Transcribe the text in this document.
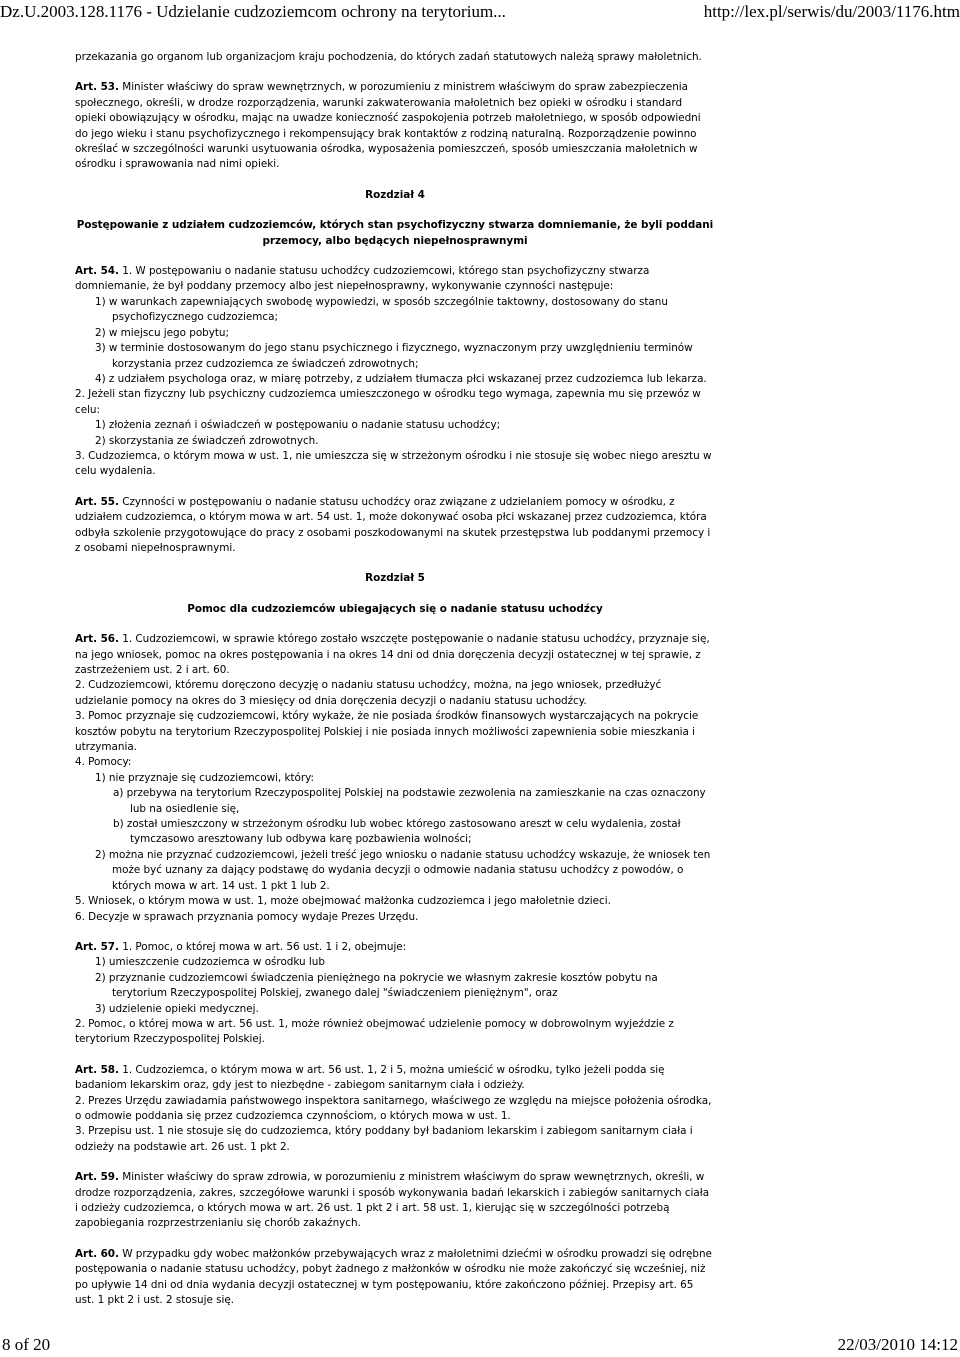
Dz.U.2003.128.1176 - Udzielanie cudzoziemcom ochrony na terytorium...	http://lex.pl/serwis/du/2003/1176.htm

przekazania go organom lub organizacjom kraju pochodzenia, do których zadań statutowych należą sprawy małoletnich.

Art. 53. Minister właściwy do spraw wewnętrznych, w porozumieniu z ministrem właściwym do spraw zabezpieczenia społecznego, określi, w drodze rozporządzenia, warunki zakwaterowania małoletnich bez opieki w ośrodku i standard opieki obowiązujący w ośrodku, mając na uwadze konieczność zaspokojenia potrzeb małoletniego, w sposób odpowiedni do jego wieku i stanu psychofizycznego i rekompensujący brak kontaktów z rodziną naturalną. Rozporządzenie powinno określać w szczególności warunki usytuowania ośrodka, wyposażenia pomieszczeń, sposób umieszczania małoletnich w ośrodku i sprawowania nad nimi opieki.

Rozdział 4

Postępowanie z udziałem cudzoziemców, których stan psychofizyczny stwarza domniemanie, że byli poddani przemocy, albo będących niepełnosprawnymi

Art. 54. 1. W postępowaniu o nadanie statusu uchodźcy cudzoziemcowi, którego stan psychofizyczny stwarza domniemanie, że był poddany przemocy albo jest niepełnosprawny, wykonywanie czynności następuje:

1) w warunkach zapewniających swobodę wypowiedzi, w sposób szczególnie taktowny, dostosowany do stanu psychofizycznego cudzoziemca;

2) w miejscu jego pobytu;

3) w terminie dostosowanym do jego stanu psychicznego i fizycznego, wyznaczonym przy uwzględnieniu terminów korzystania przez cudzoziemca ze świadczeń zdrowotnych;

4) z udziałem psychologa oraz, w miarę potrzeby, z udziałem tłumacza płci wskazanej przez cudzoziemca lub lekarza.

2. Jeżeli stan fizyczny lub psychiczny cudzoziemca umieszczonego w ośrodku tego wymaga, zapewnia mu się przewóz w celu:

1) złożenia zeznań i oświadczeń w postępowaniu o nadanie statusu uchodźcy;

2) skorzystania ze świadczeń zdrowotnych.

3. Cudzoziemca, o którym mowa w ust. 1, nie umieszcza się w strzeżonym ośrodku i nie stosuje się wobec niego aresztu w celu wydalenia.

Art. 55. Czynności w postępowaniu o nadanie statusu uchodźcy oraz związane z udzielaniem pomocy w ośrodku, z udziałem cudzoziemca, o którym mowa w art. 54 ust. 1, może dokonywać osoba płci wskazanej przez cudzoziemca, która odbyła szkolenie przygotowujące do pracy z osobami poszkodowanymi na skutek przestępstwa lub poddanymi przemocy i z osobami niepełnosprawnymi.

Rozdział 5

Pomoc dla cudzoziemców ubiegających się o nadanie statusu uchodźcy

Art. 56. 1. Cudzoziemcowi, w sprawie którego zostało wszczęte postępowanie o nadanie statusu uchodźcy, przyznaje się, na jego wniosek, pomoc na okres postępowania i na okres 14 dni od dnia doręczenia decyzji ostatecznej w tej sprawie, z zastrzeżeniem ust. 2 i art. 60.

2. Cudzoziemcowi, któremu doręczono decyzję o nadaniu statusu uchodźcy, można, na jego wniosek, przedłużyć udzielanie pomocy na okres do 3 miesięcy od dnia doręczenia decyzji o nadaniu statusu uchodźcy.

3. Pomoc przyznaje się cudzoziemcowi, który wykaże, że nie posiada środków finansowych wystarczających na pokrycie kosztów pobytu na terytorium Rzeczypospolitej Polskiej i nie posiada innych możliwości zapewnienia sobie mieszkania i utrzymania.

4. Pomocy:

1) nie przyznaje się cudzoziemcowi, który:

a) przebywa na terytorium Rzeczypospolitej Polskiej na podstawie zezwolenia na zamieszkanie na czas oznaczony lub na osiedlenie się,

b) został umieszczony w strzeżonym ośrodku lub wobec którego zastosowano areszt w celu wydalenia, został tymczasowo aresztowany lub odbywa karę pozbawienia wolności;

2) można nie przyznać cudzoziemcowi, jeżeli treść jego wniosku o nadanie statusu uchodźcy wskazuje, że wniosek ten może być uznany za dający podstawę do wydania decyzji o odmowie nadania statusu uchodźcy z powodów, o których mowa w art. 14 ust. 1 pkt 1 lub 2.

5. Wniosek, o którym mowa w ust. 1, może obejmować małżonka cudzoziemca i jego małoletnie dzieci.

6. Decyzje w sprawach przyznania pomocy wydaje Prezes Urzędu.

Art. 57. 1. Pomoc, o której mowa w art. 56 ust. 1 i 2, obejmuje:

1) umieszczenie cudzoziemca w ośrodku lub

2) przyznanie cudzoziemcowi świadczenia pieniężnego na pokrycie we własnym zakresie kosztów pobytu na terytorium Rzeczypospolitej Polskiej, zwanego dalej "świadczeniem pieniężnym", oraz

3) udzielenie opieki medycznej.

2. Pomoc, o której mowa w art. 56 ust. 1, może również obejmować udzielenie pomocy w dobrowolnym wyjeździe z terytorium Rzeczypospolitej Polskiej.

Art. 58. 1. Cudzoziemca, o którym mowa w art. 56 ust. 1, 2 i 5, można umieścić w ośrodku, tylko jeżeli podda się badaniom lekarskim oraz, gdy jest to niezbędne - zabiegom sanitarnym ciała i odzieży.

2. Prezes Urzędu zawiadamia państwowego inspektora sanitarnego, właściwego ze względu na miejsce położenia ośrodka, o odmowie poddania się przez cudzoziemca czynnościom, o których mowa w ust. 1.

3. Przepisu ust. 1 nie stosuje się do cudzoziemca, który poddany był badaniom lekarskim i zabiegom sanitarnym ciała i odzieży na podstawie art. 26 ust. 1 pkt 2.

Art. 59. Minister właściwy do spraw zdrowia, w porozumieniu z ministrem właściwym do spraw wewnętrznych, określi, w drodze rozporządzenia, zakres, szczegółowe warunki i sposób wykonywania badań lekarskich i zabiegów sanitarnych ciała i odzieży cudzoziemca, o których mowa w art. 26 ust. 1 pkt 2 i art. 58 ust. 1, kierując się w szczególności potrzebą zapobiegania rozprzestrzenianiu się chorób zakaźnych.

Art. 60. W przypadku gdy wobec małżonków przebywających wraz z małoletnimi dziećmi w ośrodku prowadzi się odrębne postępowania o nadanie statusu uchodźcy, pobyt żadnego z małżonków w ośrodku nie może zakończyć się wcześniej, niż po upływie 14 dni od dnia wydania decyzji ostatecznej w tym postępowaniu, które zakończono później. Przepisy art. 65 ust. 1 pkt 2 i ust. 2 stosuje się.

8 of 20	22/03/2010 14:12
